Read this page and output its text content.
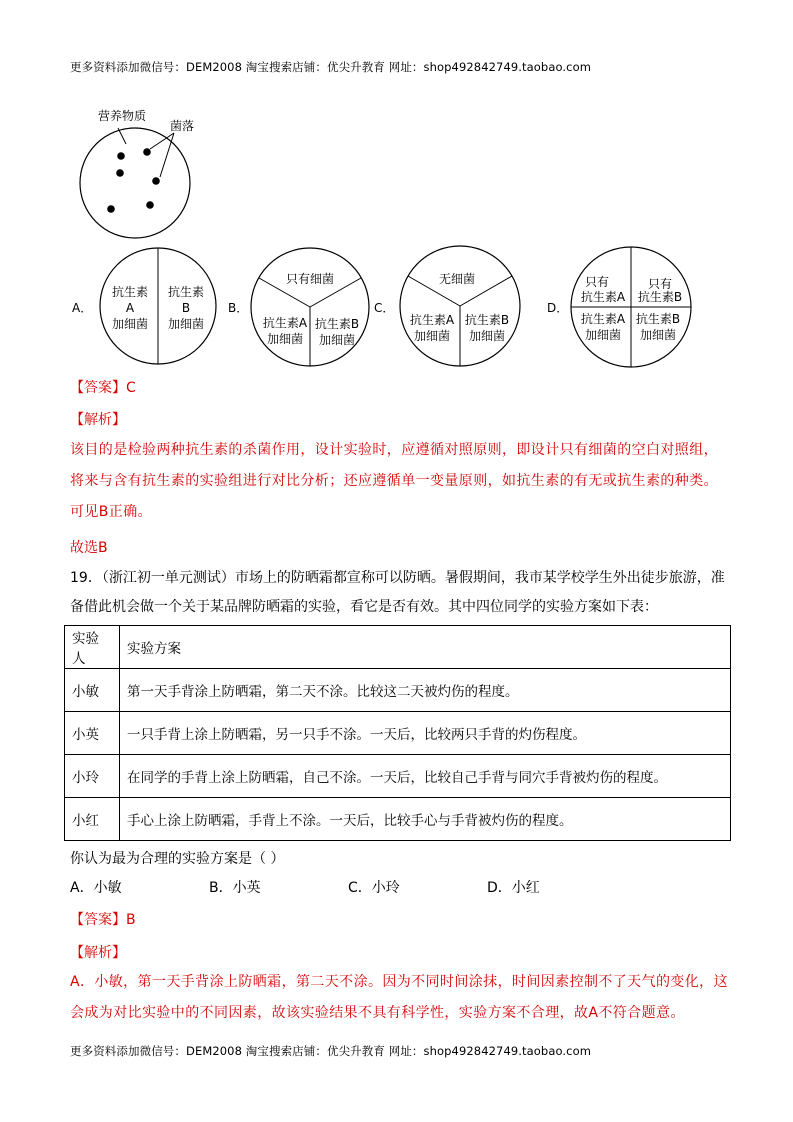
更多资料添加微信号：DEM2008 淘宝搜索店铺：优尖升教育 网址：shop492842749.taobao.com
营养物质
菌落
A．
抗生素
A
加细菌
抗生素
B
加细菌
B．
只有细菌
抗生素A
加细菌
抗生素B
加细菌
C．
无细菌
抗生素A
加细菌
抗生素B
加细菌
D．
只有
抗生素A
只有
抗生素B
抗生素A
加细菌
抗生素B
加细菌
【答案】C
【解析】
该目的是检验两种抗生素的杀菌作用，设计实验时，应遵循对照原则，即设计只有细菌的空白对照组，将来与含有抗生素的实验组进行对比分析；还应遵循单一变量原则，如抗生素的有无或抗生素的种类。可见B正确。
故选B
19．（浙江初一单元测试）市场上的防晒霜都宣称可以防晒。暑假期间，我市某学校学生外出徒步旅游，准备借此机会做一个关于某品牌防晒霜的实验，看它是否有效。其中四位同学的实验方案如下表：
实验人	实验方案
小敏	第一天手背涂上防晒霜，第二天不涂。比较这二天被灼伤的程度。
小英	一只手背上涂上防晒霜，另一只手不涂。一天后，比较两只手背的灼伤程度。
小玲	在同学的手背上涂上防晒霜，自己不涂。一天后，比较自己手背与同穴手背被灼伤的程度。
小红	手心上涂上防晒霜，手背上不涂。一天后，比较手心与手背被灼伤的程度。
你认为最为合理的实验方案是（ ）
A．小敏	B．小英	C．小玲	D．小红
【答案】B
【解析】
A．小敏，第一天手背涂上防晒霜，第二天不涂。因为不同时间涂抹，时间因素控制不了天气的变化，这会成为对比实验中的不同因素，故该实验结果不具有科学性，实验方案不合理，故A不符合题意。
更多资料添加微信号：DEM2008 淘宝搜索店铺：优尖升教育 网址：shop492842749.taobao.com
